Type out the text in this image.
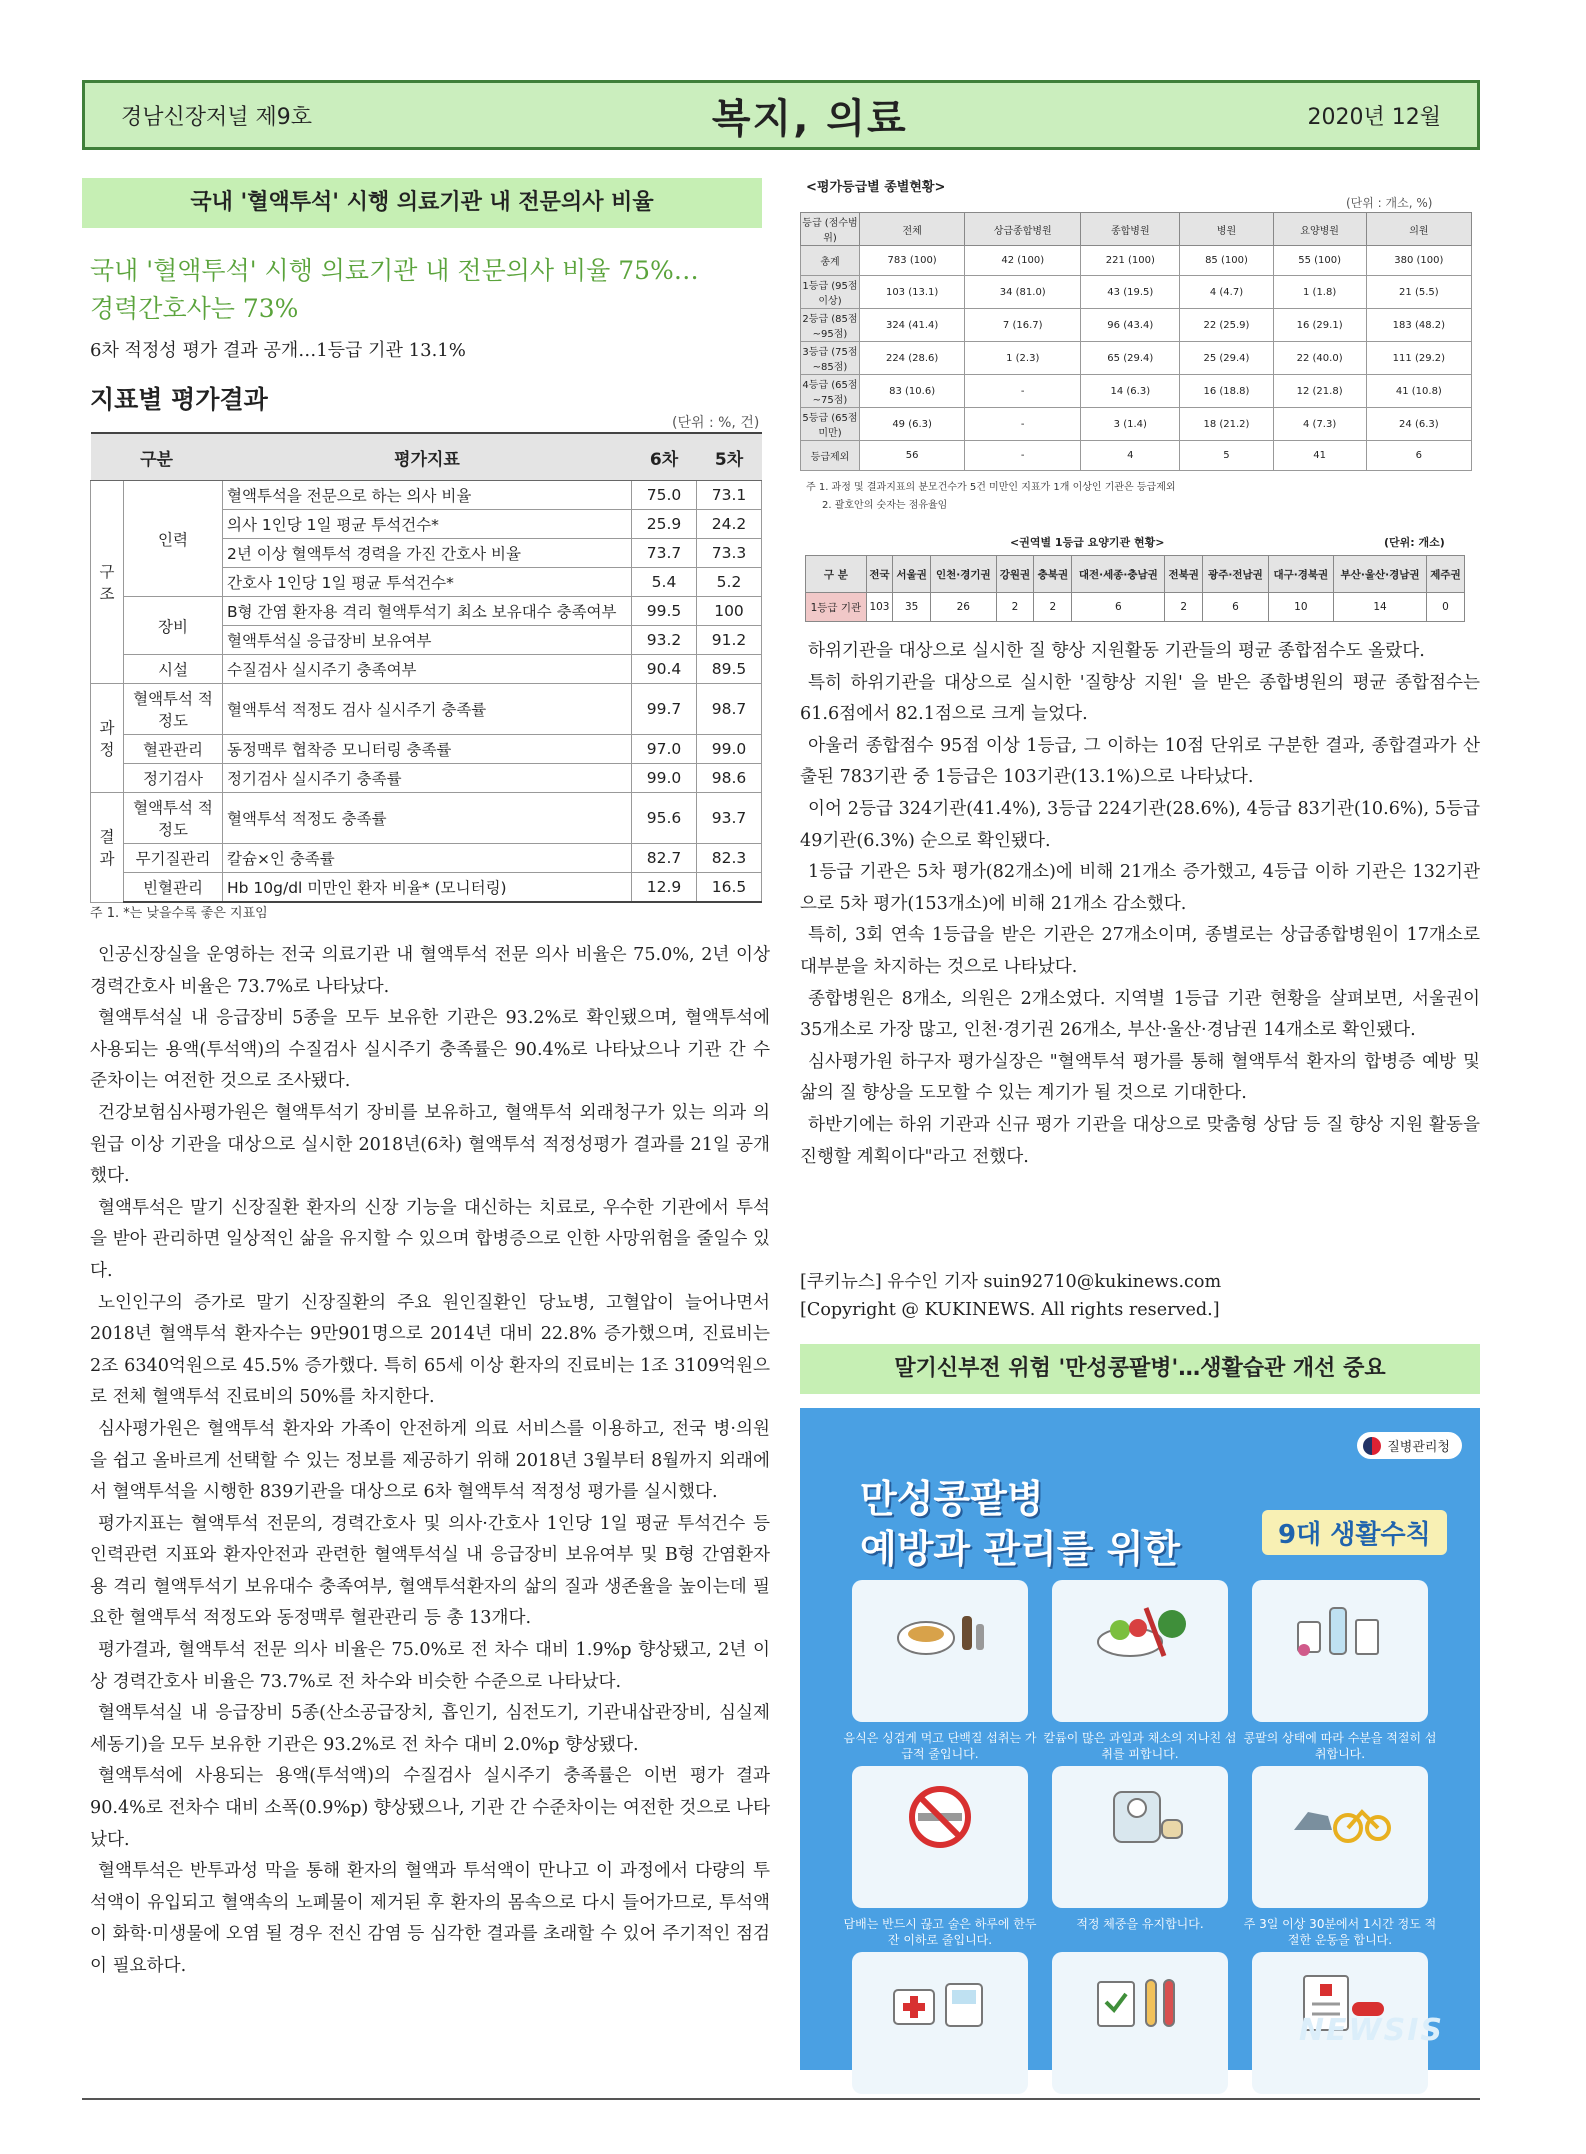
경남신장저널 제9호	복지, 의료	2020년 12월
국내 '혈액투석' 시행 의료기관 내 전문의사 비율
국내 '혈액투석' 시행 의료기관 내 전문의사 비율 75%…
경력간호사는 73%
6차 적정성 평가 결과 공개…1등급 기관 13.1%
지표별 평가결과
(단위 : %, 건)
구분		평가지표	6차	5차
구조	인력	혈액투석을 전문으로 하는 의사 비율	75.0	73.1
		의사 1인당 1일 평균 투석건수*	25.9	24.2
		2년 이상 혈액투석 경력을 가진 간호사 비율	73.7	73.3
		간호사 1인당 1일 평균 투석건수*	5.4	5.2
	장비	B형 간염 환자용 격리 혈액투석기 최소 보유대수 충족여부	99.5	100
		혈액투석실 응급장비 보유여부	93.2	91.2
	시설	수질검사 실시주기 충족여부	90.4	89.5
과정	혈액투석 적정도	혈액투석 적정도 검사 실시주기 충족률	99.7	98.7
	혈관관리	동정맥루 협착증 모니터링 충족률	97.0	99.0
	정기검사	정기검사 실시주기 충족률	99.0	98.6
결과	혈액투석 적정도	혈액투석 적정도 충족률	95.6	93.7
	무기질관리	칼슘×인 충족률	82.7	82.3
	빈혈관리	Hb 10g/dl 미만인 환자 비율* (모니터링)	12.9	16.5
주 1. *는 낮을수록 좋은 지표임

인공신장실을 운영하는 전국 의료기관 내 혈액투석 전문 의사 비율은 75.0%, 2년 이상 경력간호사 비율은 73.7%로 나타났다.

혈액투석실 내 응급장비 5종을 모두 보유한 기관은 93.2%로 확인됐으며, 혈액투석에 사용되는 용액(투석액)의 수질검사 실시주기 충족률은 90.4%로 나타났으나 기관 간 수준차이는 여전한 것으로 조사됐다.

건강보험심사평가원은 혈액투석기 장비를 보유하고, 혈액투석 외래청구가 있는 의과 의원급 이상 기관을 대상으로 실시한 2018년(6차) 혈액투석 적정성평가 결과를 21일 공개했다.

혈액투석은 말기 신장질환 환자의 신장 기능을 대신하는 치료로, 우수한 기관에서 투석을 받아 관리하면 일상적인 삶을 유지할 수 있으며 합병증으로 인한 사망위험을 줄일수 있다.

노인인구의 증가로 말기 신장질환의 주요 원인질환인 당뇨병, 고혈압이 늘어나면서 2018년 혈액투석 환자수는 9만901명으로 2014년 대비 22.8% 증가했으며, 진료비는 2조 6340억원으로 45.5% 증가했다. 특히 65세 이상 환자의 진료비는 1조 3109억원으로 전체 혈액투석 진료비의 50%를 차지한다.

심사평가원은 혈액투석 환자와 가족이 안전하게 의료 서비스를 이용하고, 전국 병·의원을 쉽고 올바르게 선택할 수 있는 정보를 제공하기 위해 2018년 3월부터 8월까지 외래에서 혈액투석을 시행한 839기관을 대상으로 6차 혈액투석 적정성 평가를 실시했다.

평가지표는 혈액투석 전문의, 경력간호사 및 의사·간호사 1인당 1일 평균 투석건수 등 인력관련 지표와 환자안전과 관련한 혈액투석실 내 응급장비 보유여부 및 B형 간염환자용 격리 혈액투석기 보유대수 충족여부, 혈액투석환자의 삶의 질과 생존율을 높이는데 필요한 혈액투석 적정도와 동정맥루 혈관관리 등 총 13개다.

평가결과, 혈액투석 전문 의사 비율은 75.0%로 전 차수 대비 1.9%p 향상됐고, 2년 이상 경력간호사 비율은 73.7%로 전 차수와 비슷한 수준으로 나타났다.

혈액투석실 내 응급장비 5종(산소공급장치, 흡인기, 심전도기, 기관내삽관장비, 심실제세동기)을 모두 보유한 기관은 93.2%로 전 차수 대비 2.0%p 향상됐다.

혈액투석에 사용되는 용액(투석액)의 수질검사 실시주기 충족률은 이번 평가 결과 90.4%로 전차수 대비 소폭(0.9%p) 향상됐으나, 기관 간 수준차이는 여전한 것으로 나타났다.

혈액투석은 반투과성 막을 통해 환자의 혈액과 투석액이 만나고 이 과정에서 다량의 투석액이 유입되고 혈액속의 노폐물이 제거된 후 환자의 몸속으로 다시 들어가므로, 투석액이 화학·미생물에 오염 될 경우 전신 감염 등 심각한 결과를 초래할 수 있어 주기적인 점검이 필요하다.

<평가등급별 종별현황>
(단위 : 개소, %)
등급 (점수범위)	전체	상급종합병원	종합병원	병원	요양병원	의원
총계	783 (100)	42 (100)	221 (100)	85 (100)	55 (100)	380 (100)
1등급 (95점이상)	103 (13.1)	34 (81.0)	43 (19.5)	4 (4.7)	1 (1.8)	21 (5.5)
2등급 (85점~95점)	324 (41.4)	7 (16.7)	96 (43.4)	22 (25.9)	16 (29.1)	183 (48.2)
3등급 (75점~85점)	224 (28.6)	1 (2.3)	65 (29.4)	25 (29.4)	22 (40.0)	111 (29.2)
4등급 (65점~75점)	83 (10.6)	-	14 (6.3)	16 (18.8)	12 (21.8)	41 (10.8)
5등급 (65점미만)	49 (6.3)	-	3 (1.4)	18 (21.2)	4 (7.3)	24 (6.3)
등급제외	56	-	4	5	41	6
주 1. 과정 및 결과지표의 분모건수가 5건 미만인 지표가 1개 이상인 기관은 등급제외
2. 괄호안의 숫자는 점유율임
<권역별 1등급 요양기관 현황>	(단위: 개소)
구 분	전국	서울권	인천·경기권	강원권	충북권	대전·세종·충남권	전북권	광주·전남권	대구·경북권	부산·울산·경남권	제주권
1등급 기관	103	35	26	2	2	6	2	6	10	14	0

하위기관을 대상으로 실시한 질 향상 지원활동 기관들의 평균 종합점수도 올랐다.

특히 하위기관을 대상으로 실시한 '질향상 지원' 을 받은 종합병원의 평균 종합점수는 61.6점에서 82.1점으로 크게 늘었다.

아울러 종합점수 95점 이상 1등급, 그 이하는 10점 단위로 구분한 결과, 종합결과가 산출된 783기관 중 1등급은 103기관(13.1%)으로 나타났다.

이어 2등급 324기관(41.4%), 3등급 224기관(28.6%), 4등급 83기관(10.6%), 5등급 49기관(6.3%) 순으로 확인됐다.

1등급 기관은 5차 평가(82개소)에 비해 21개소 증가했고, 4등급 이하 기관은 132기관으로 5차 평가(153개소)에 비해 21개소 감소했다.

특히, 3회 연속 1등급을 받은 기관은 27개소이며, 종별로는 상급종합병원이 17개소로 대부분을 차지하는 것으로 나타났다.

종합병원은 8개소, 의원은 2개소였다. 지역별 1등급 기관 현황을 살펴보면, 서울권이 35개소로 가장 많고, 인천·경기권 26개소, 부산·울산·경남권 14개소로 확인됐다.

심사평가원 하구자 평가실장은 "혈액투석 평가를 통해 혈액투석 환자의 합병증 예방 및 삶의 질 향상을 도모할 수 있는 계기가 될 것으로 기대한다.

하반기에는 하위 기관과 신규 평가 기관을 대상으로 맞춤형 상담 등 질 향상 지원 활동을 진행할 계획이다"라고 전했다.

[쿠키뉴스] 유수인 기자 suin92710@kukinews.com
[Copyright @ KUKINEWS. All rights reserved.]
말기신부전 위험 '만성콩팥병'…생활습관 개선 중요
질병관리청
만성콩팥병
예방과 관리를 위한	9대 생활수칙
음식은 싱겁게 먹고 단백질 섭취는 가급적 줄입니다.
칼륨이 많은 과일과 채소의 지나친 섭취를 피합니다.
콩팥의 상태에 따라 수분을 적절히 섭취합니다.
담배는 반드시 끊고 술은 하루에 한두 잔 이하로 줄입니다.
적정 체중을 유지합니다.	주 3일 이상 30분에서 1시간 정도 적절한 운동을 합니다.
고혈압과 당뇨병을 꾸준히 치료합니다.
정기적으로 소변 단백뇨와 혈액 크레아티닌 검사를 합니다.
꼭 필요한 약을 콩팥 기능에 맞춰 복용합니다.
NEWSIS
